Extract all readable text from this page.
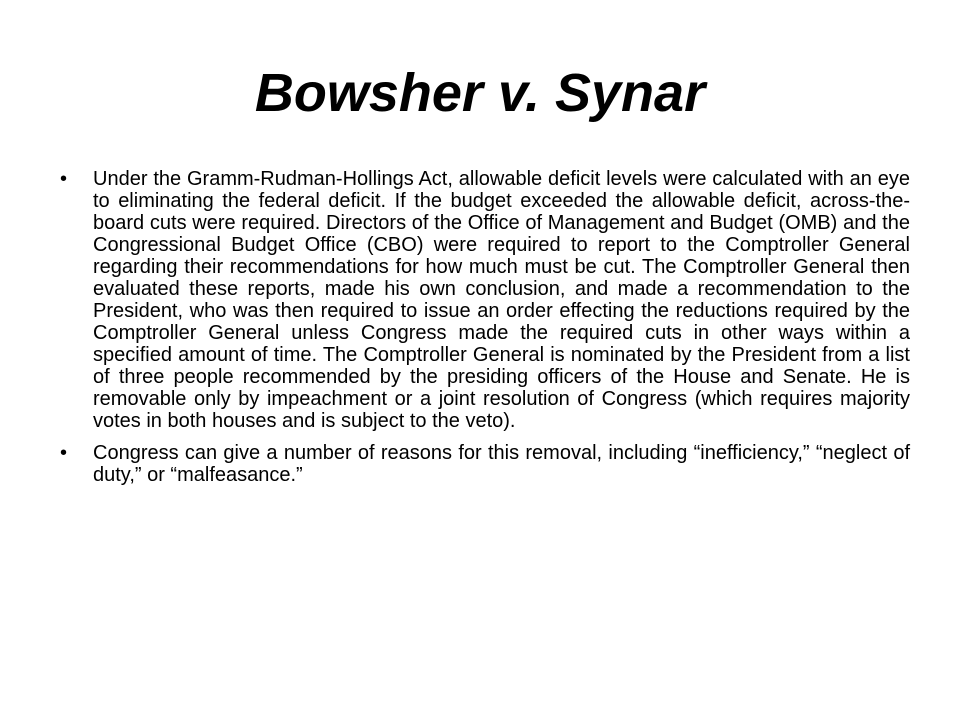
Bowsher v. Synar
•	Under the Gramm-Rudman-Hollings Act, allowable deficit levels were calculated with an eye to eliminating the federal deficit. If the budget exceeded the allowable deficit, across-the-board cuts were required. Directors of the Office of Management and Budget (OMB) and the Congressional Budget Office (CBO) were required to report to the Comptroller General regarding their recommendations for how much must be cut. The Comptroller General then evaluated these reports, made his own conclusion, and made a recommendation to the President, who was then required to issue an order effecting the reductions required by the Comptroller General unless Congress made the required cuts in other ways within a specified amount of time. The Comptroller General is nominated by the President from a list of three people recommended by the presiding officers of the House and Senate. He is removable only by impeachment or a joint resolution of Congress (which requires majority votes in both houses and is subject to the veto).
•	Congress can give a number of reasons for this removal, including “inefficiency,” “neglect of duty,” or “malfeasance.”
